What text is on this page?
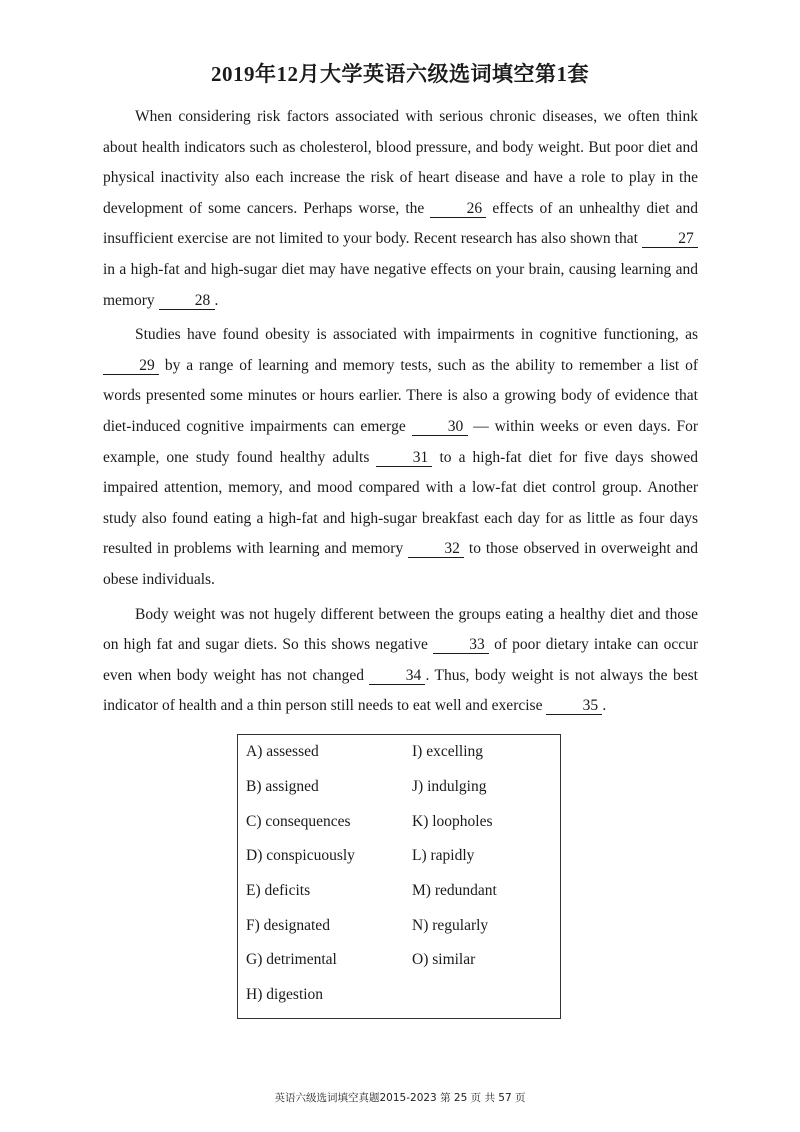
2019年12月大学英语六级选词填空第1套

When considering risk factors associated with serious chronic diseases, we often think about health indicators such as cholesterol, blood pressure, and body weight. But poor diet and physical inactivity also each increase the risk of heart disease and have a role to play in the development of some cancers. Perhaps worse, the 26 effects of an unhealthy diet and insufficient exercise are not limited to your body. Recent research has also shown that 27 in a high-fat and high-sugar diet may have negative effects on your brain, causing learning and memory 28 .

Studies have found obesity is associated with impairments in cognitive functioning, as 29 by a range of learning and memory tests, such as the ability to remember a list of words presented some minutes or hours earlier. There is also a growing body of evidence that diet-induced cognitive impairments can emerge 30 — within weeks or even days. For example, one study found healthy adults 31 to a high-fat diet for five days showed impaired attention, memory, and mood compared with a low-fat diet control group. Another study also found eating a high-fat and high-sugar breakfast each day for as little as four days resulted in problems with learning and memory 32 to those observed in overweight and obese individuals.

Body weight was not hugely different between the groups eating a healthy diet and those on high fat and sugar diets. So this shows negative 33 of poor dietary intake can occur even when body weight has not changed 34 . Thus, body weight is not always the best indicator of health and a thin person still needs to eat well and exercise 35 .

A) assessed
B) assigned
C) consequences
D) conspicuously
E) deficits
F) designated
G) detrimental
H) digestion
I) excelling
J) indulging
K) loopholes
L) rapidly
M) redundant
N) regularly
O) similar
英语六级选词填空真题2015-2023 第 25 页 共 57 页
